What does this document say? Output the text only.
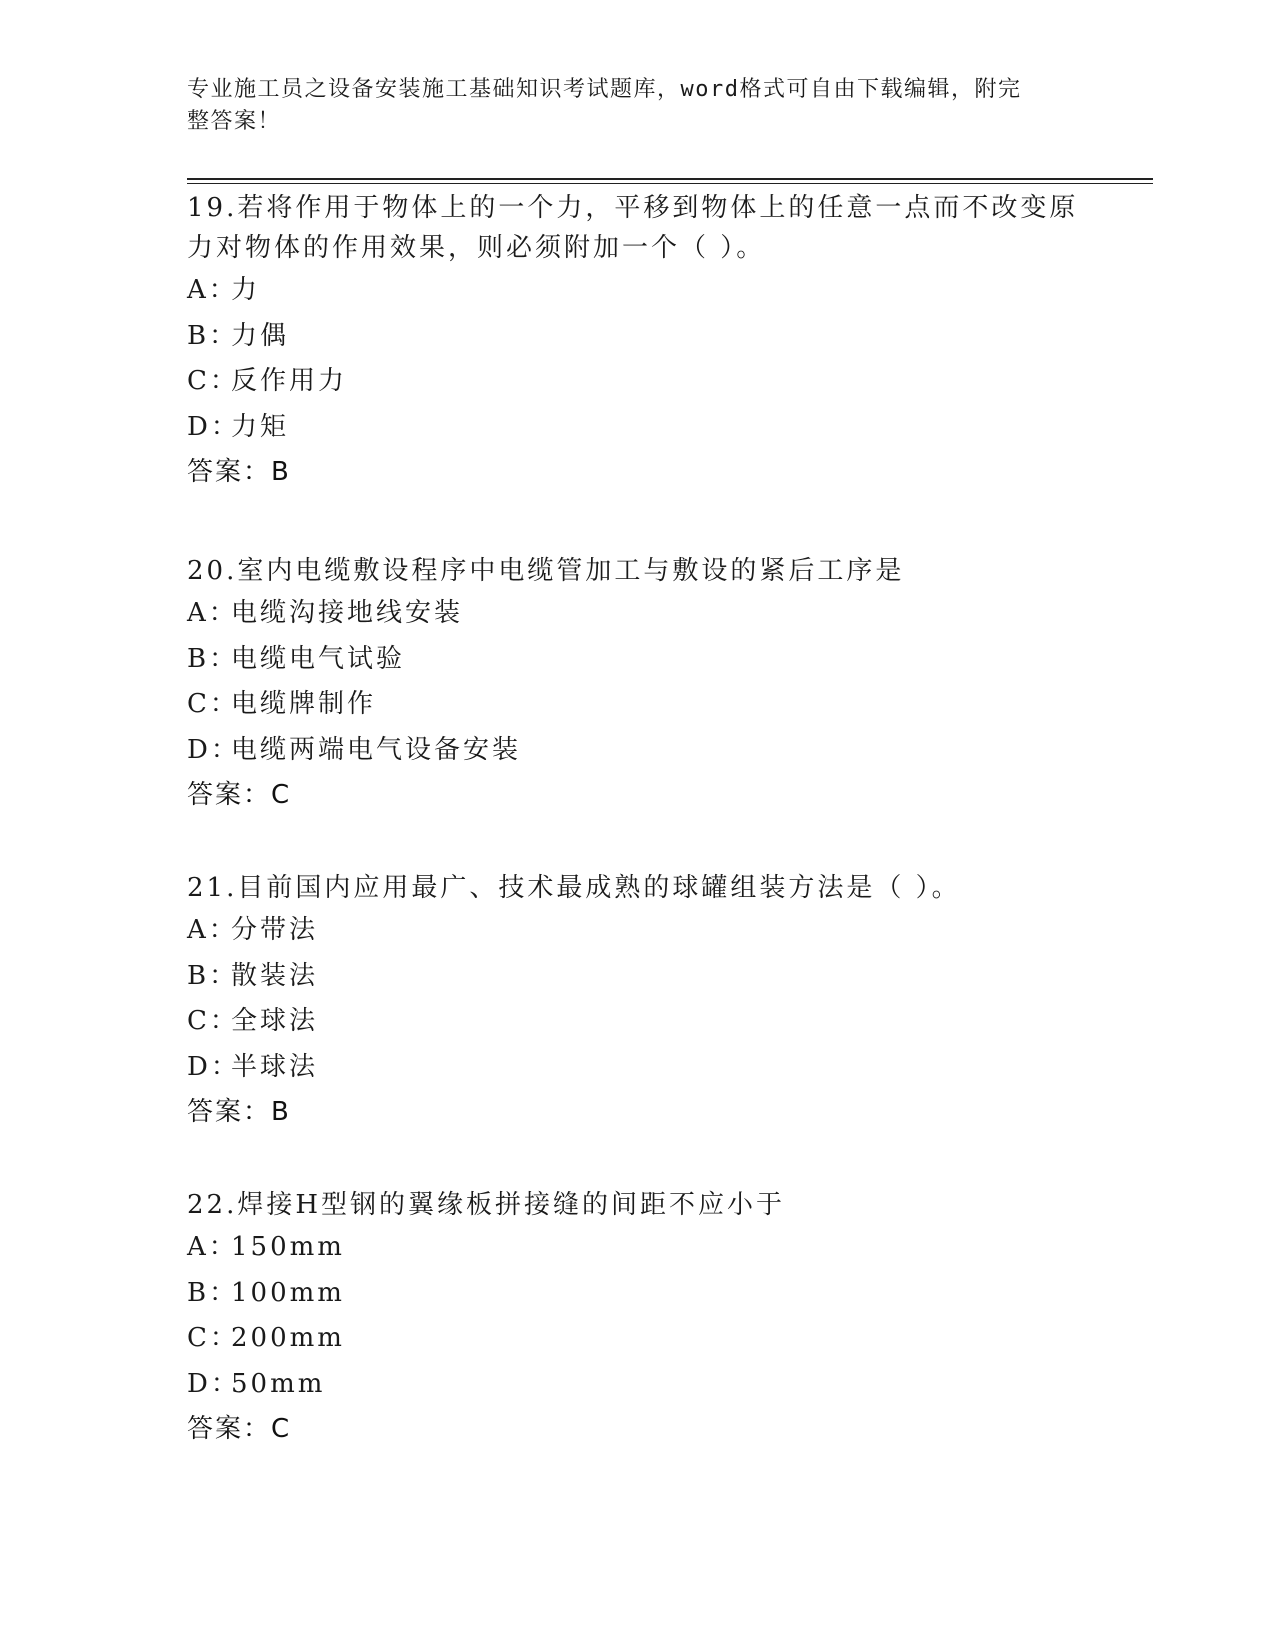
专业施工员之设备安装施工基础知识考试题库，word格式可自由下载编辑，附完
整答案！
19.若将作用于物体上的一个力，平移到物体上的任意一点而不改变原
力对物体的作用效果，则必须附加一个（ ）。
A：力
B：力偶
C：反作用力
D：力矩
答案：B
20.室内电缆敷设程序中电缆管加工与敷设的紧后工序是
A：电缆沟接地线安装
B：电缆电气试验
C：电缆牌制作
D：电缆两端电气设备安装
答案：C
21.目前国内应用最广、技术最成熟的球罐组装方法是（ ）。
A：分带法
B：散装法
C：全球法
D：半球法
答案：B
22.焊接H型钢的翼缘板拼接缝的间距不应小于
A：150mm
B：100mm
C：200mm
D：50mm
答案：C
